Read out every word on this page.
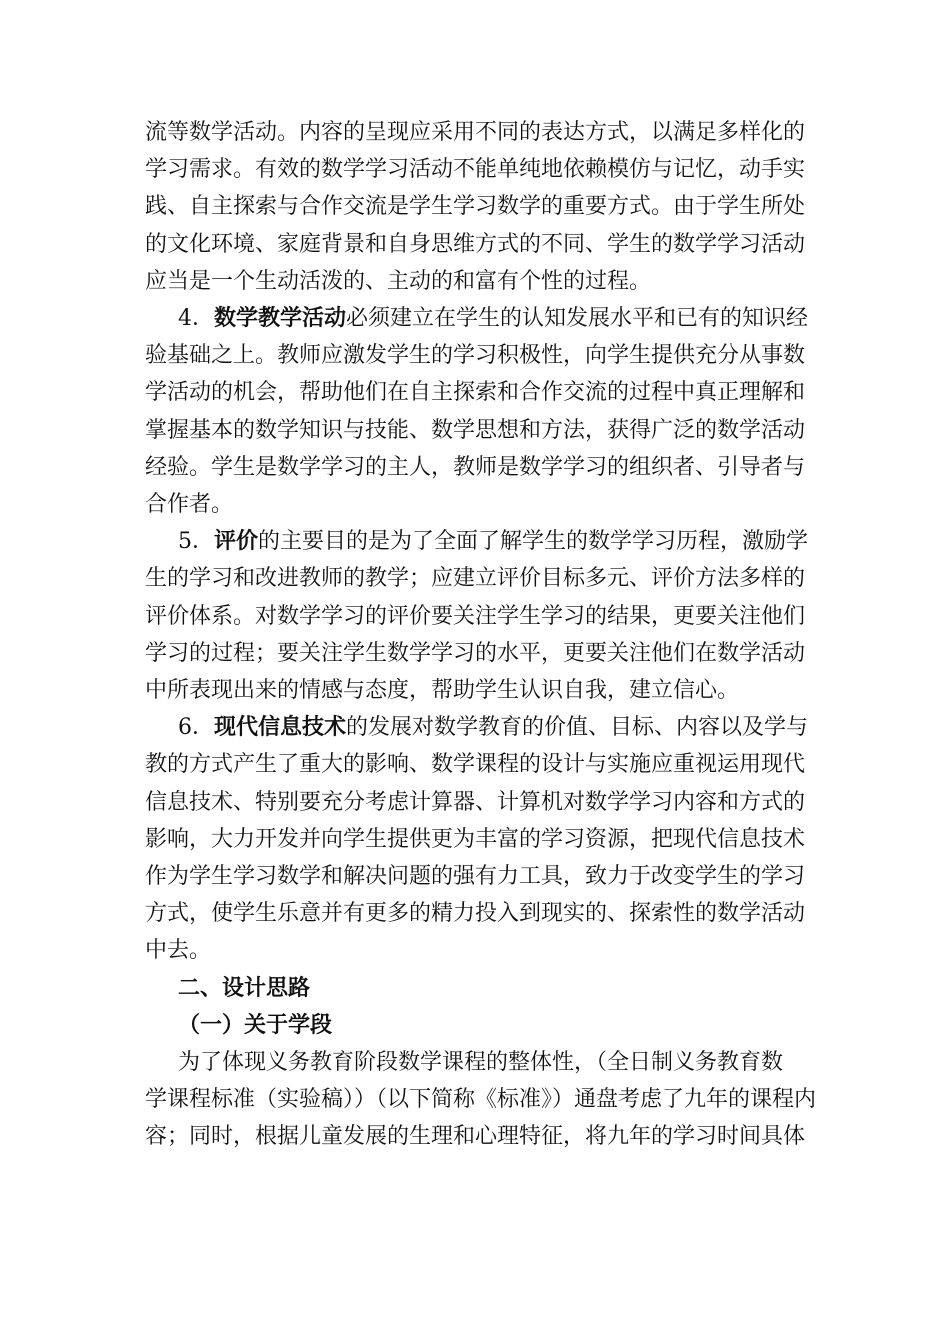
流等数学活动。内容的呈现应采用不同的表达方式，以满足多样化的
学习需求。有效的数学学习活动不能单纯地依赖模仿与记忆，动手实
践、自主探索与合作交流是学生学习数学的重要方式。由于学生所处
的文化环境、家庭背景和自身思维方式的不同、学生的数学学习活动
应当是一个生动活泼的、主动的和富有个性的过程。

4．数学教学活动必须建立在学生的认知发展水平和已有的知识经
验基础之上。教师应激发学生的学习积极性，向学生提供充分从事数
学活动的机会，帮助他们在自主探索和合作交流的过程中真正理解和
掌握基本的数学知识与技能、数学思想和方法，获得广泛的数学活动
经验。学生是数学学习的主人，教师是数学学习的组织者、引导者与
合作者。

5．评价的主要目的是为了全面了解学生的数学学习历程，激励学
生的学习和改进教师的教学；应建立评价目标多元、评价方法多样的
评价体系。对数学学习的评价要关注学生学习的结果，更要关注他们
学习的过程；要关注学生数学学习的水平，更要关注他们在数学活动
中所表现出来的情感与态度，帮助学生认识自我，建立信心。

6．现代信息技术的发展对数学教育的价值、目标、内容以及学与
教的方式产生了重大的影响、数学课程的设计与实施应重视运用现代
信息技术、特别要充分考虑计算器、计算机对数学学习内容和方式的
影响，大力开发并向学生提供更为丰富的学习资源，把现代信息技术
作为学生学习数学和解决问题的强有力工具，致力于改变学生的学习
方式，使学生乐意并有更多的精力投入到现实的、探索性的数学活动
中去。

二、设计思路

（一）关于学段

为了体现义务教育阶段数学课程的整体性，（全日制义务教育数
学课程标准（实验稿））（以下简称《标准》）通盘考虑了九年的课程内
容；同时，根据儿童发展的生理和心理特征，将九年的学习时间具体
